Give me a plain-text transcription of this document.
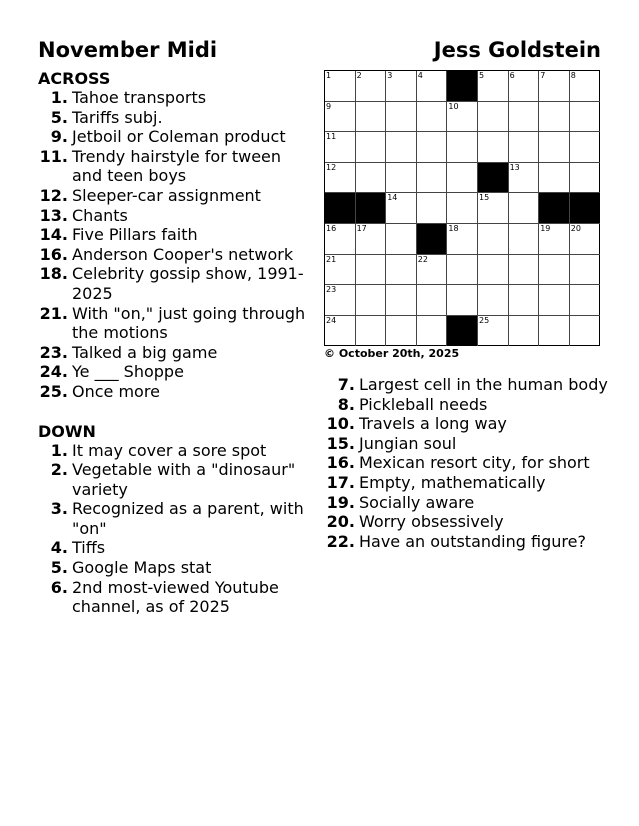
November Midi	Jess Goldstein
ACROSS
1. Tahoe transports
5. Tariffs subj.
9. Jetboil or Coleman product
11. Trendy hairstyle for tween and teen boys
12. Sleeper-car assignment
13. Chants
14. Five Pillars faith
16. Anderson Cooper's network
18. Celebrity gossip show, 1991-2025
21. With "on," just going through the motions
23. Talked a big game
24. Ye ___ Shoppe
25. Once more
DOWN
1. It may cover a sore spot
2. Vegetable with a "dinosaur" variety
3. Recognized as a parent, with "on"
4. Tiffs
5. Google Maps stat
6. 2nd most-viewed Youtube channel, as of 2025
1	2	3	4	5	6	7	8
9	10
11
12	13
14	15
16	17	18	19	20
21	22
23
24	25
© October 20th, 2025
7. Largest cell in the human body
8. Pickleball needs
10. Travels a long way
15. Jungian soul
16. Mexican resort city, for short
17. Empty, mathematically
19. Socially aware
20. Worry obsessively
22. Have an outstanding figure?
